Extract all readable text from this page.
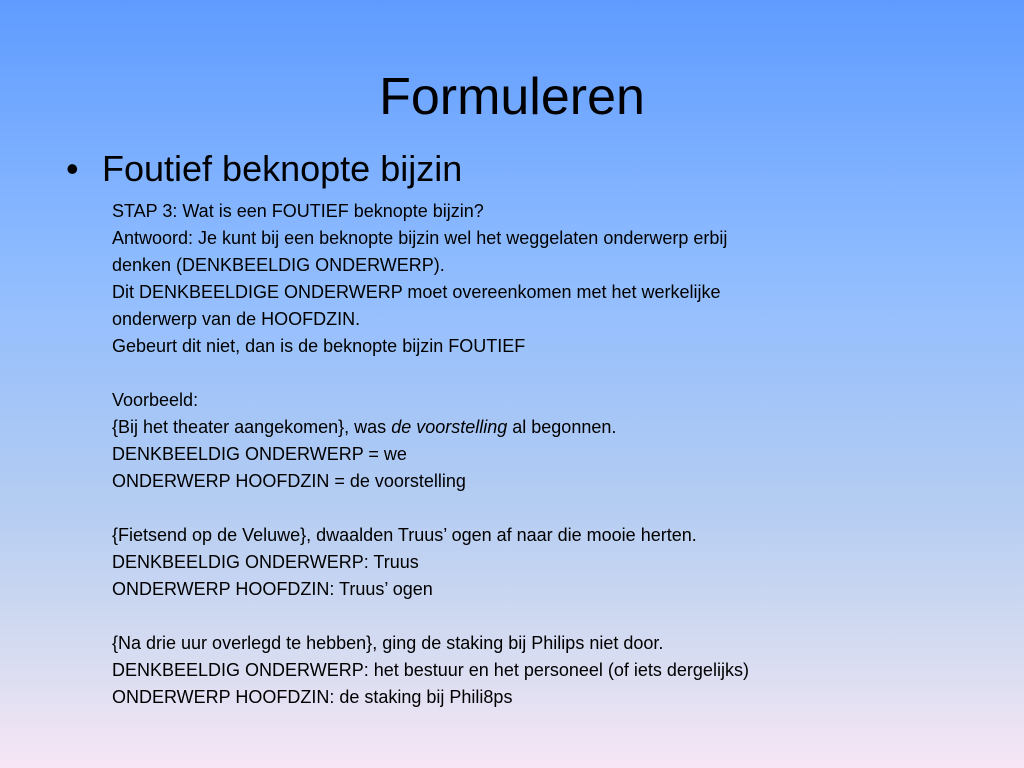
Formuleren
• Foutief beknopte bijzin
STAP 3: Wat is een FOUTIEF beknopte bijzin?
Antwoord: Je kunt bij een beknopte bijzin wel het weggelaten onderwerp erbij
denken (DENKBEELDIG ONDERWERP).
Dit DENKBEELDIGE ONDERWERP moet overeenkomen met het werkelijke
onderwerp van de HOOFDZIN.
Gebeurt dit niet, dan is de beknopte bijzin FOUTIEF
Voorbeeld:
{Bij het theater aangekomen}, was de voorstelling al begonnen.
DENKBEELDIG ONDERWERP = we
ONDERWERP HOOFDZIN = de voorstelling
{Fietsend op de Veluwe}, dwaalden Truus’ ogen af naar die mooie herten.
DENKBEELDIG ONDERWERP: Truus
ONDERWERP HOOFDZIN: Truus’ ogen
{Na drie uur overlegd te hebben}, ging de staking bij Philips niet door.
DENKBEELDIG ONDERWERP: het bestuur en het personeel (of iets dergelijks)
ONDERWERP HOOFDZIN: de staking bij Phili8ps
